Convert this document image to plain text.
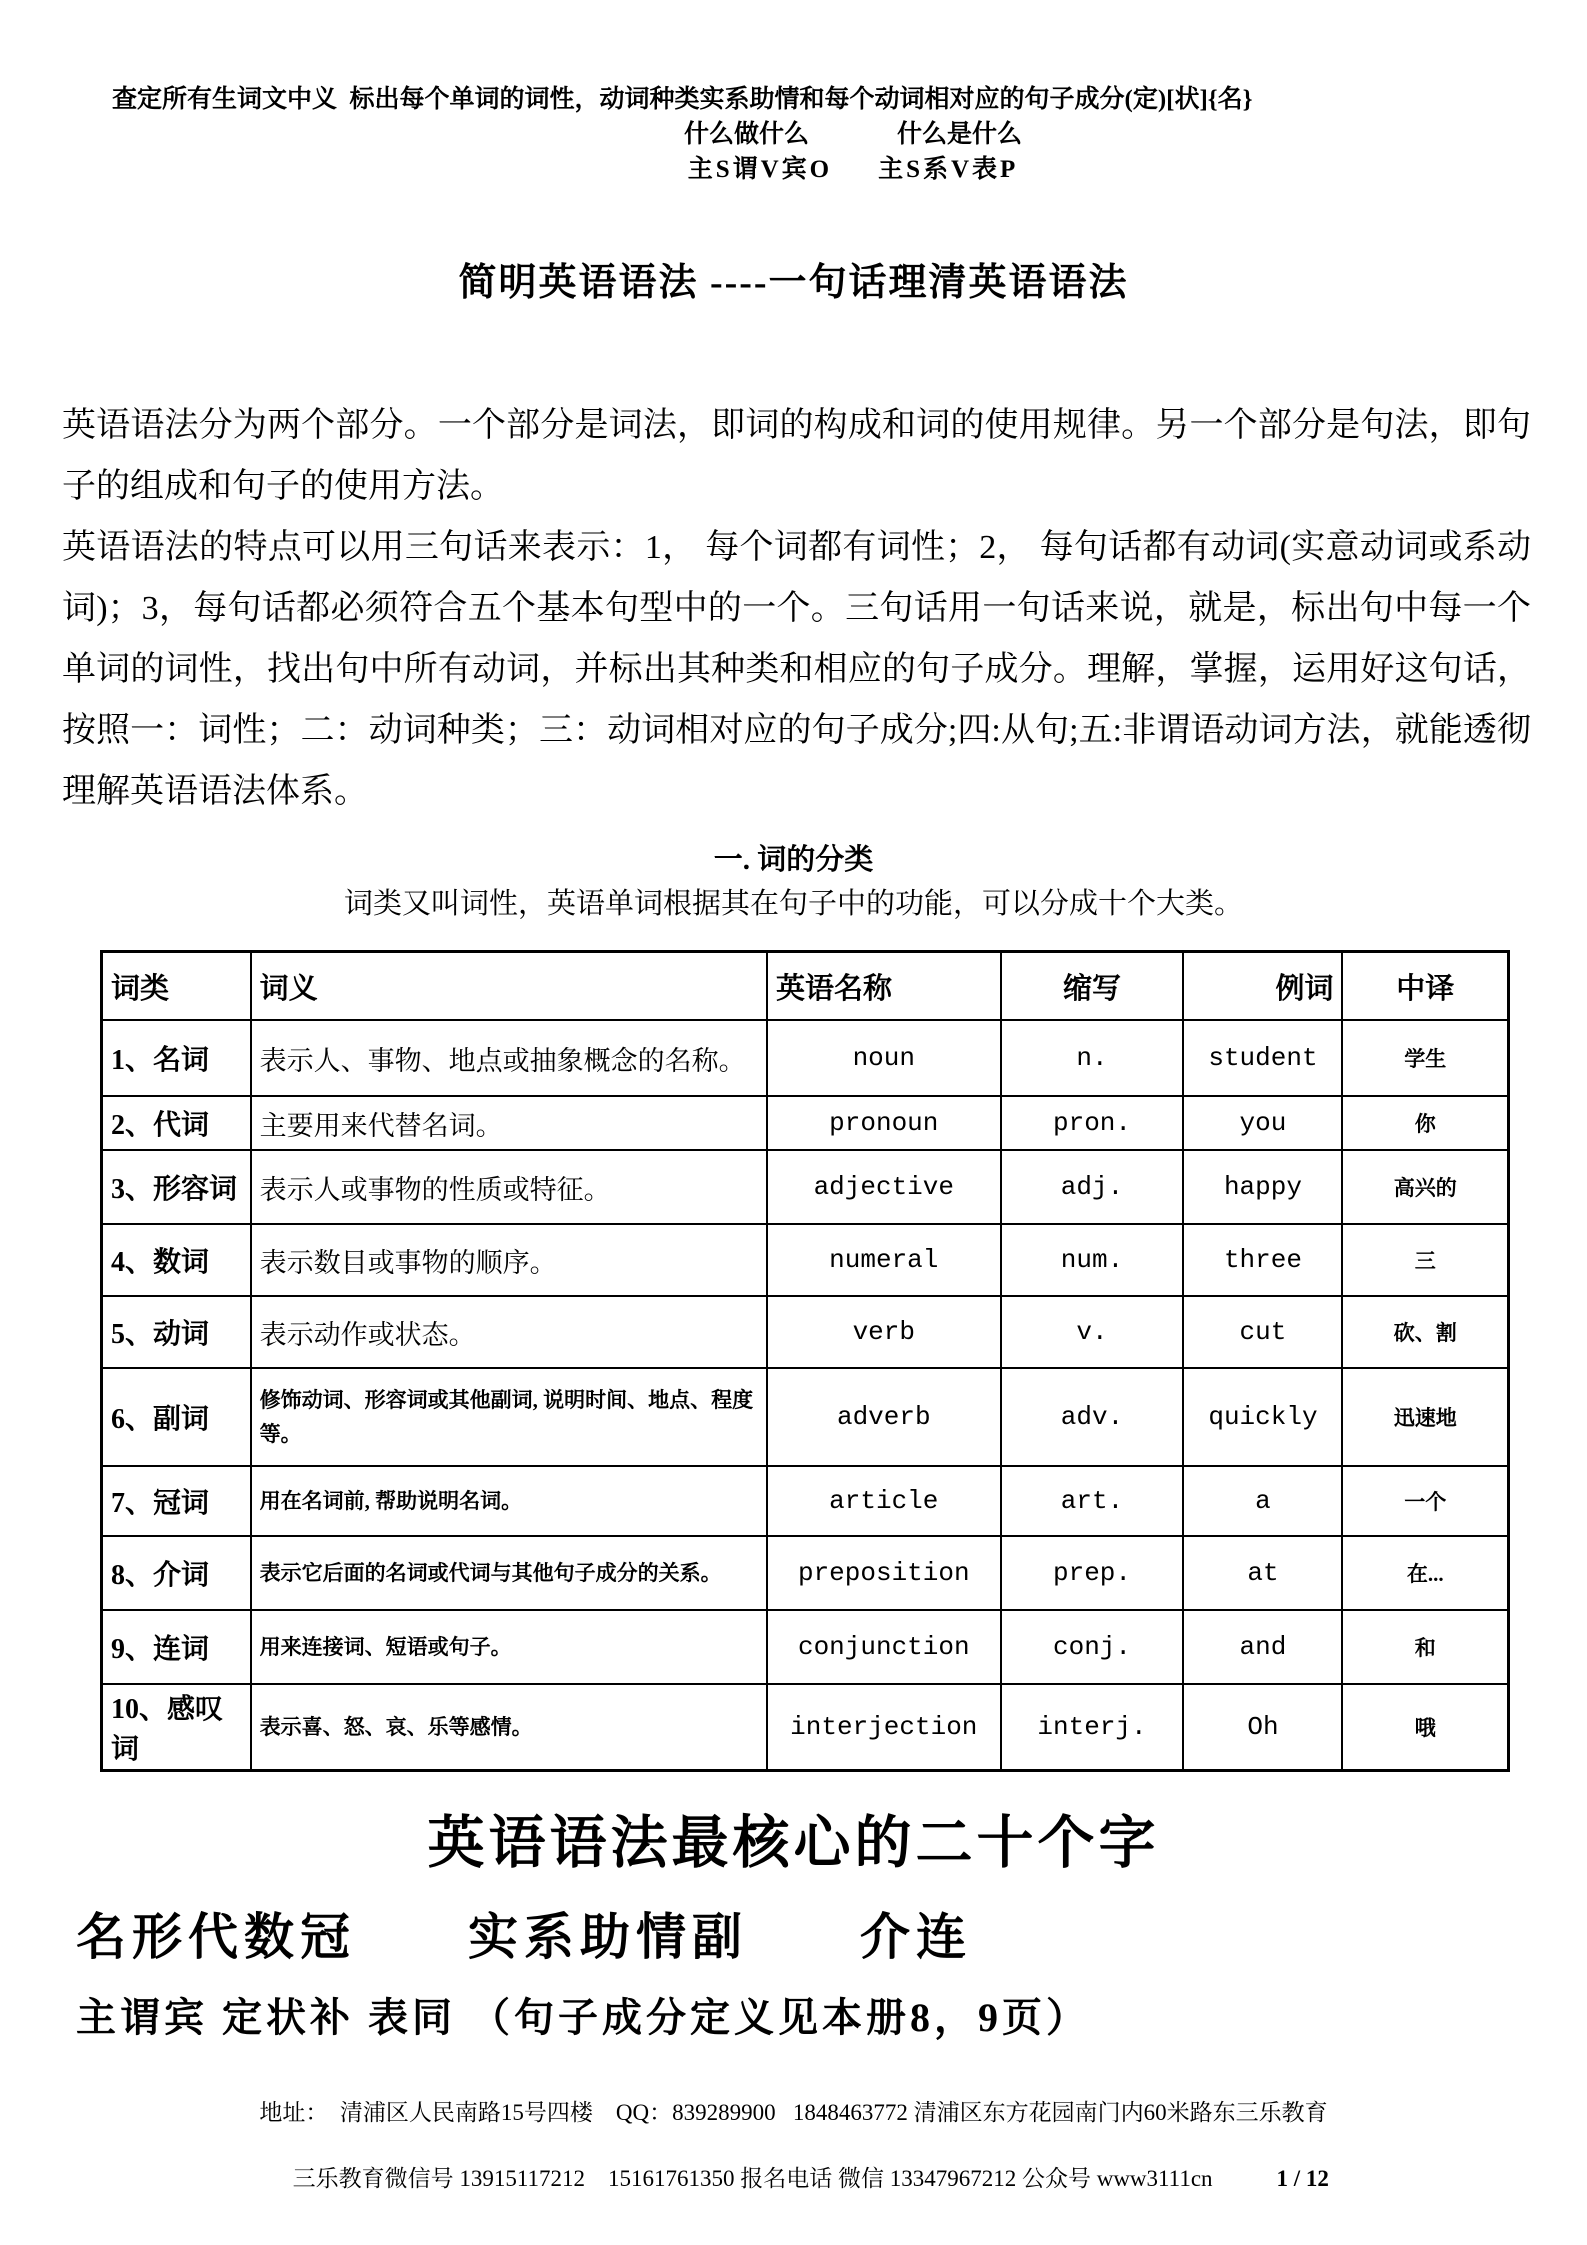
查定所有生词文中义  标出每个单词的词性，动词种类实系助情和每个动词相对应的句子成分(定)[状]{名}
什么做什么	什么是什么
主S谓V宾O 主S系V表P
简明英语语法 ----一句话理清英语语法

英语语法分为两个部分。一个部分是词法，即词的构成和词的使用规律。另一个部分是句法，即句子的组成和句子的使用方法。

英语语法的特点可以用三句话来表示：1， 每个词都有词性；2， 每句话都有动词(实意动词或系动词)；3，每句话都必须符合五个基本句型中的一个。三句话用一句话来说，就是，标出句中每一个单词的词性，找出句中所有动词，并标出其种类和相应的句子成分。理解，掌握，运用好这句话，按照一：词性；二：动词种类；三：动词相对应的句子成分;四:从句;五:非谓语动词方法，就能透彻理解英语语法体系。

一. 词的分类
词类又叫词性，英语单词根据其在句子中的功能，可以分成十个大类。
词类	词义	英语名称	缩写	例词	中译
1、名词	表示人、事物、地点或抽象概念的名称。	noun	n.	student	学生
2、代词	主要用来代替名词。	pronoun	pron.	you	你
3、形容词	表示人或事物的性质或特征。	adjective	adj.	happy	高兴的
4、数词	表示数目或事物的顺序。	numeral	num.	three	三
5、动词	表示动作或状态。	verb	v.	cut	砍、割
6、副词	修饰动词、形容词或其他副词, 说明时间、地点、程度等。	adverb	adv.	quickly	迅速地
7、冠词	用在名词前, 帮助说明名词。	article	art.	a	一个
8、介词	表示它后面的名词或代词与其他句子成分的关系。	preposition	prep.	at	在...
9、连词	用来连接词、短语或句子。	conjunction	conj.	and	和
10、感叹词	表示喜、怒、哀、乐等感情。	interjection	interj.	Oh	哦
英语语法最核心的二十个字
名形代数冠　　实系助情副　　介连
主谓宾 定状补 表同 （句子成分定义见本册8，9页）
地址：  清浦区人民南路15号四楼    QQ：839289900   1848463772 清浦区东方花园南门内60米路东三乐教育

三乐教育微信号 13915117212    15161761350 报名电话 微信 13347967212 公众号 www3111cn	1 / 12
